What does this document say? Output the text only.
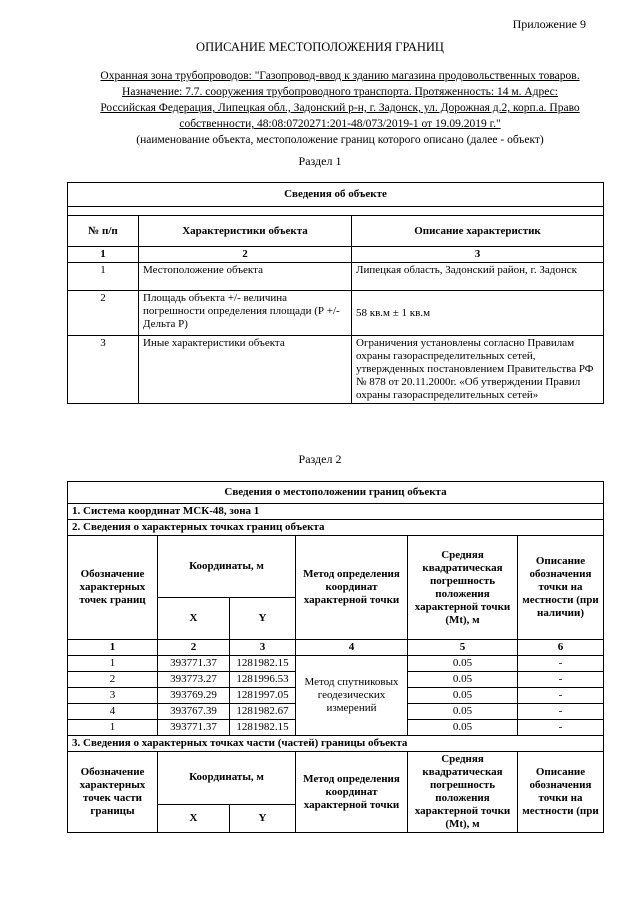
Приложение 9
ОПИСАНИЕ МЕСТОПОЛОЖЕНИЯ ГРАНИЦ
Охранная зона трубопроводов: "Газопровод-ввод к зданию магазина продовольственных товаров.
Назначение: 7.7. сооружения трубопроводного транспорта. Протяженность: 14 м. Адрес:
Российская Федерация, Липецкая обл., Задонский р-н, г. Задонск, ул. Дорожная д.2, корп.а. Право
собственности, 48:08:0720271:201-48/073/2019-1 от 19.09.2019 г."
(наименование объекта, местоположение границ которого описано (далее - объект)
Раздел 1
Сведения об объекте		

№ п/п	Характеристики объекта	Описание характеристик
1	2	3
1	Местоположение объекта	Липецкая область, Задонский район, г. Задонск
2	Площадь объекта +/- величина погрешности определения площади (Р +/- Дельта Р)	58 кв.м ± 1 кв.м
3	Иные характеристики объекта	Ограничения установлены согласно Правилам охраны газораспределительных сетей, утвержденных постановлением Правительства РФ № 878 от 20.11.2000г. «Об утверждении Правил охраны газораспределительных сетей»
Раздел 2
Сведения о местоположении границ объекта					
1. Система координат МСК-48, зона 1					
2. Сведения о характерных точках границ объекта					
Обозначение характерных точек границ	Координаты, м		Метод определения координат характерной точки	Средняя квадратическая погрешность положения характерной точки (Mt), м	Описание обозначения точки на местности (при наличии)
	X	Y			
1	2	3	4	5	6
1	393771.37	1281982.15	Метод спутниковых геодезических измерений	0.05	-
2	393773.27	1281996.53		0.05	-
3	393769.29	1281997.05		0.05	-
4	393767.39	1281982.67		0.05	-
1	393771.37	1281982.15		0.05	-
3. Сведения о характерных точках части (частей) границы объекта					
Обозначение характерных точек части границы	Координаты, м		Метод определения координат характерной точки	Средняя квадратическая погрешность положения характерной точки (Mt), м	Описание обозначения точки на местности (при
	X	Y			
